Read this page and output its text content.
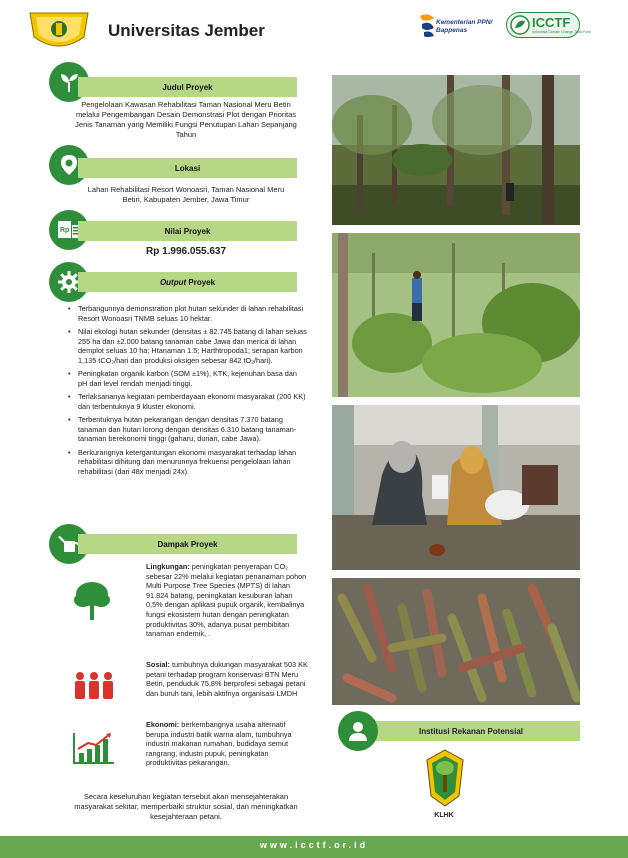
Universitas Jember	Kementerian PPN/
Bappenas
ICCTF
Indonesia Climate Change Trust Fund
Judul Proyek
Pengelolaan Kawasan Rehabilitasi Taman Nasional Meru Betiri melalui Pengembangan Desain Demonstrasi Plot dengan Prioritas Jenis Tanaman yang Memiliki Fungsi Penutupan Lahan Sepanjang Tahun
Lokasi
Lahan Rehabilitasi Resort Wonoasri, Taman Nasional Meru Betiri, Kabupaten Jember, Jawa Timur
Rp	Nilai Proyek
Rp 1.996.055.637
Output Proyek
• Terbangunnya demonstration plot hutan sekunder di lahan rehabilitasi Resort Wonoasri TNMB seluas 10 hektar.
• Nilai ekologi hutan sekunder (densitas ± 82.745 batang di lahan seluas 255 ha dan ±2.000 batang tanaman cabe Jawa dan merica di lahan demplot seluas 10 ha; Htanaman 1.5; Harthtropoda1; serapan karbon 1,135 tCO₂/hari dan produksi oksigen sebesar 842 tO₂/hari).
• Peningkatan organik karbon (SOM ±1%), KTK, kejenuhan basa dan pH dari level rendah menjadi tinggi.
• Terlaksananya kegiatan pemberdayaan ekonomi masyarakat (200 KK) dan terbentuknya 9 kluster ekonomi.
• Terbentuknya hutan pekarangan dengan densitas 7.370 batang tanaman dan hutan lorong dengan densitas 6.310 batang tanaman-tanaman berekonomi tinggi (gaharu, durian, cabe Jawa).
• Berkurangnya ketergantungan ekonomi masyarakat terhadap lahan rehabilitasi dihitung dari menurunnya frekuensi pengelolaan lahan rehabilitasi (dari 48x menjadi 24x).
Dampak Proyek
Lingkungan: peningkatan penyerapan CO₂ sebesar 22% melalui kegiatan penanaman pohon Multi Purpose Tree Species (MPTS) di lahan 91.824 batang, peningkatan kesuburan lahan 0,5% dengan aplikasi pupuk organik, kembalinya fungsi ekosistem hutan dengan peningkatan produktivitas 30%, adanya pusat pembibitan tanaman endemik, .
Sosial: tumbuhnya dukungan masyarakat 503 KK petani terhadap program konservasi BTN Meru Betiri, penduduk 75,8% berprofesi sebagai petani dan buruh tani, lebih aktifnya organisasi LMDH
Ekonomi: berkembangnya usaha alternatif berupa industri batik warna alam, tumbuhnya industri makanan rumahan, budidaya semut rangrang, industri pupuk, peningkatan produktivitas pekarangan.
Secara keseluruhan kegiatan tersebut akan mensejahterakan masyarakat sekitar, memperbaiki struktur sosial, dan meningkatkan kesejahteraan petani.
Institusi Rekanan Potensial
KLHK
www.icctf.or.id
